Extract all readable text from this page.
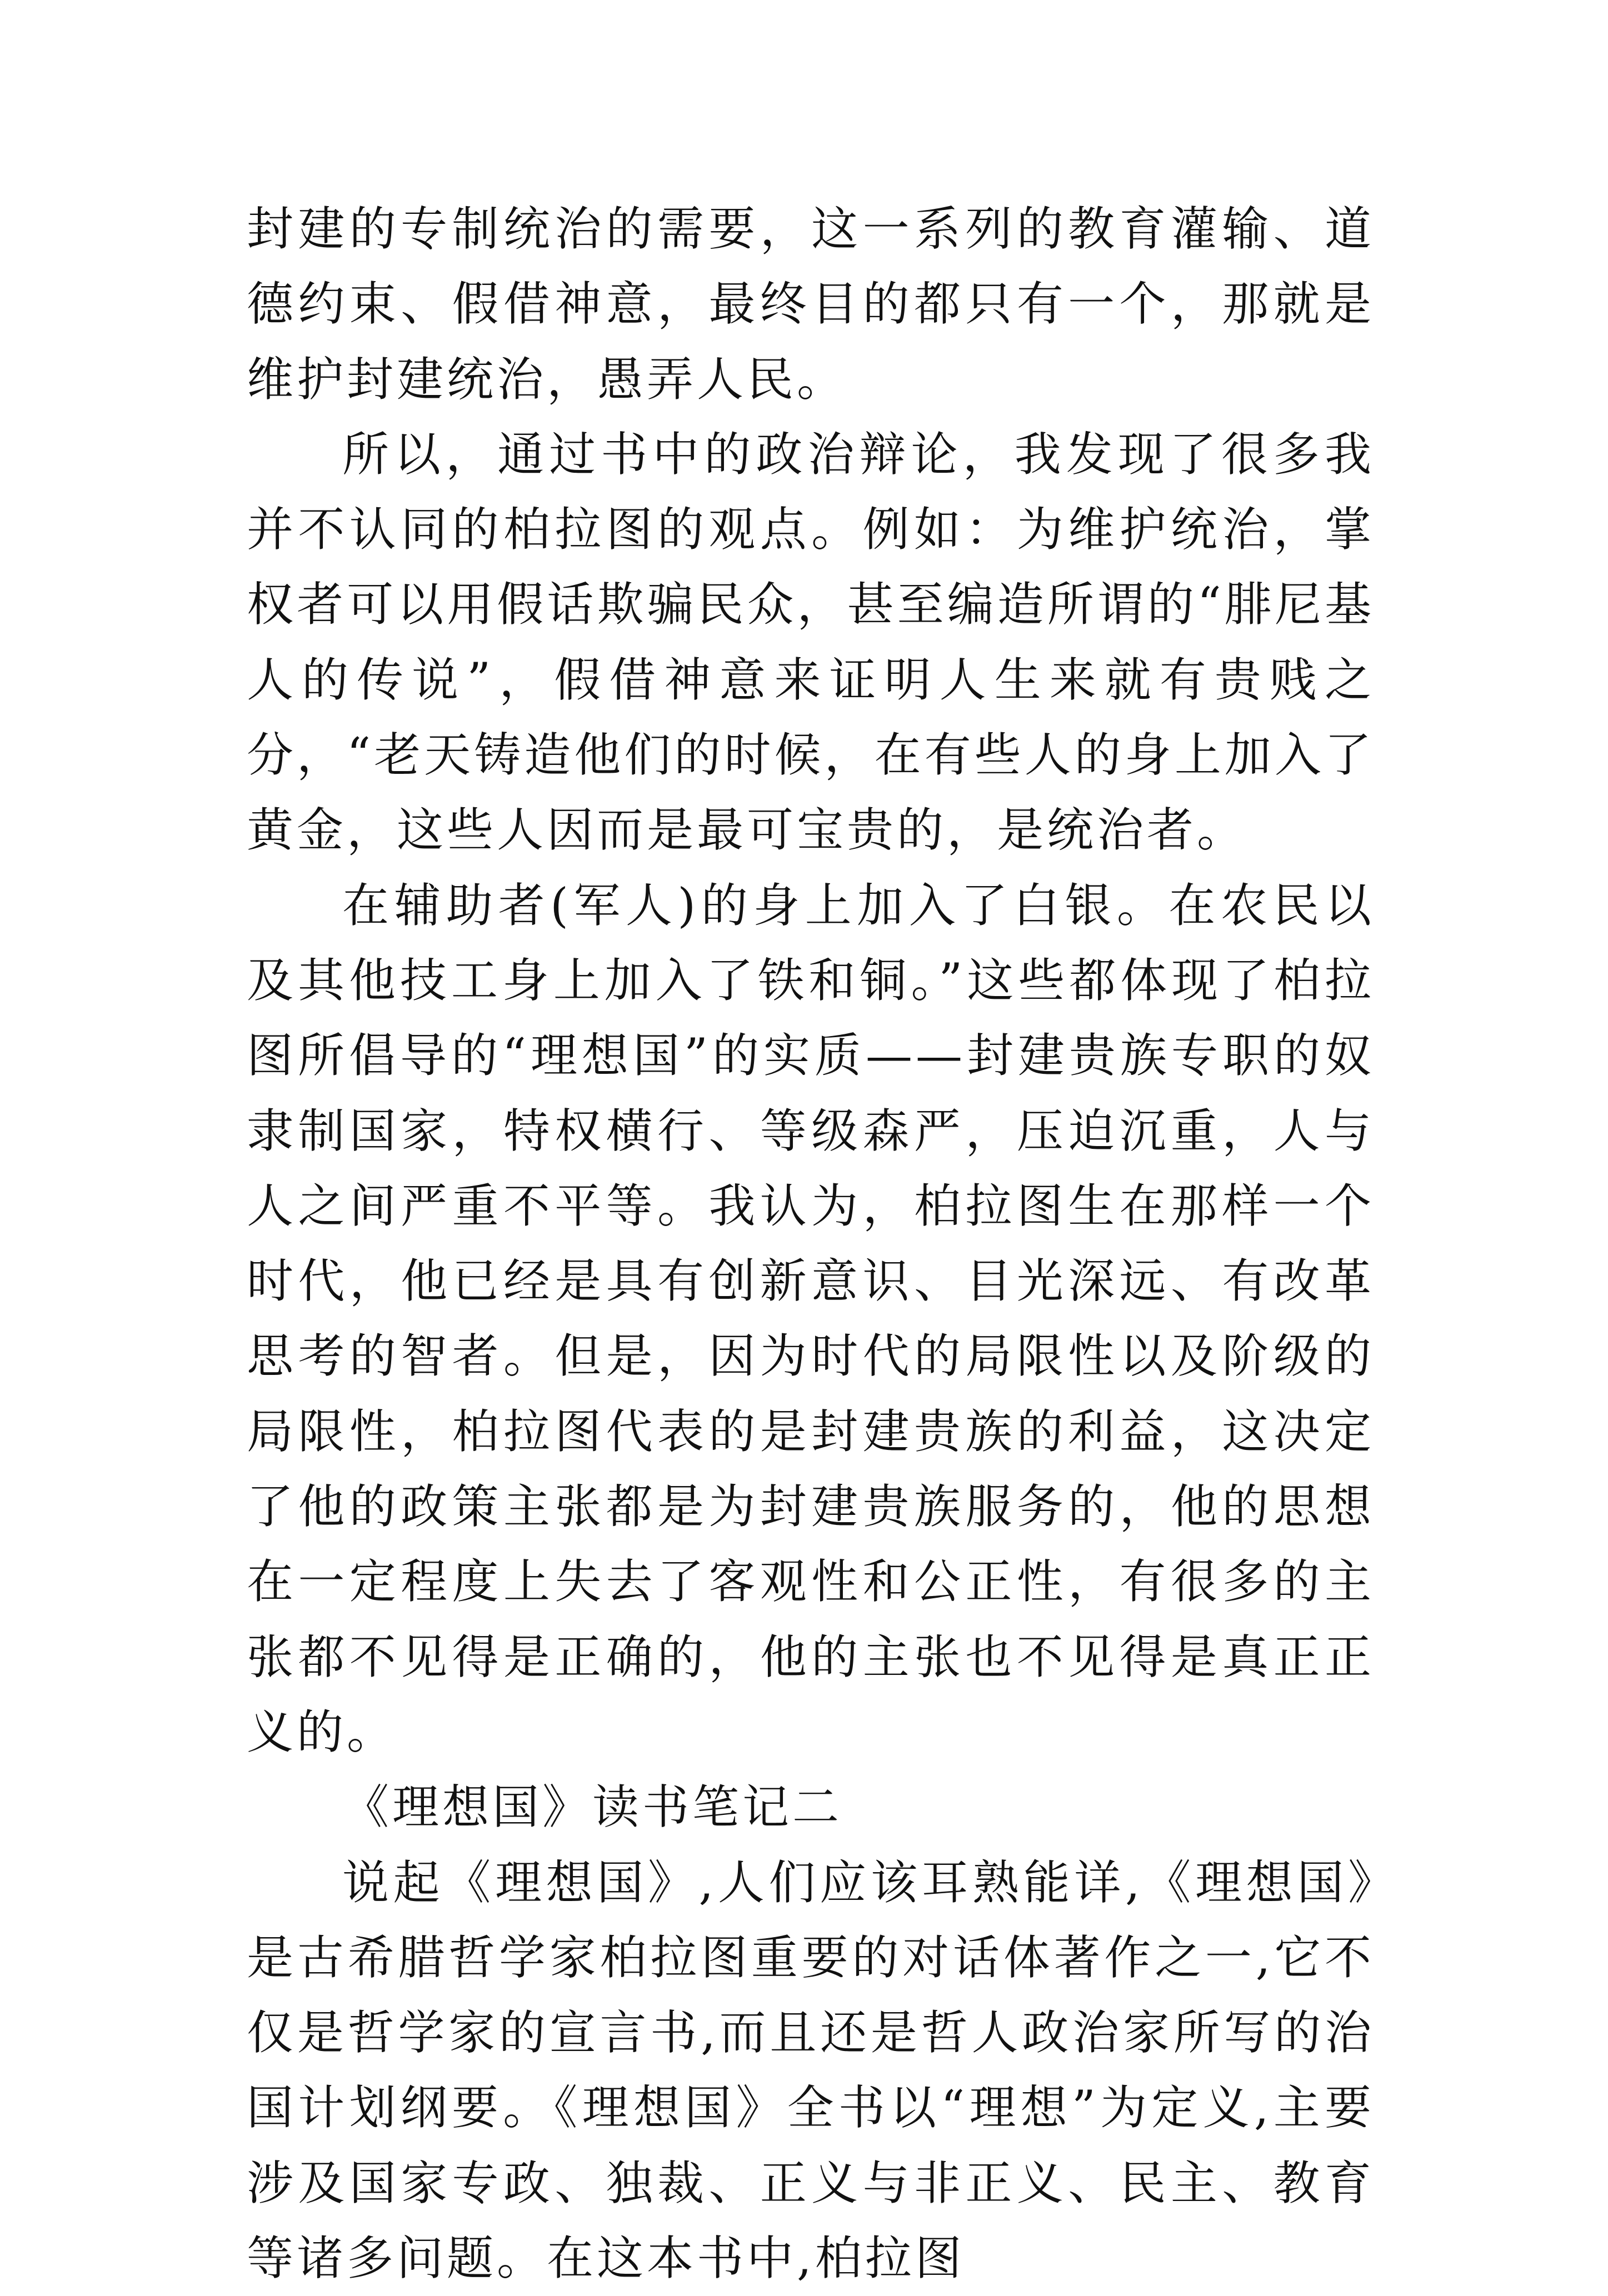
封建的专制统治的需要，这一系列的教育灌输、道德约束、假借神意，最终目的都只有一个，那就是维护封建统治，愚弄人民。

所以，通过书中的政治辩论，我发现了很多我并不认同的柏拉图的观点。例如：为维护统治，掌权者可以用假话欺骗民众，甚至编造所谓的“腓尼基人的传说”，假借神意来证明人生来就有贵贱之分，“老天铸造他们的时候，在有些人的身上加入了黄金，这些人因而是最可宝贵的，是统治者。

在辅助者(军人)的身上加入了白银。在农民以及其他技工身上加入了铁和铜。”这些都体现了柏拉图所倡导的“理想国”的实质——封建贵族专职的奴隶制国家，特权横行、等级森严，压迫沉重，人与人之间严重不平等。我认为，柏拉图生在那样一个时代，他已经是具有创新意识、目光深远、有改革思考的智者。但是，因为时代的局限性以及阶级的局限性，柏拉图代表的是封建贵族的利益，这决定了他的政策主张都是为封建贵族服务的，他的思想在一定程度上失去了客观性和公正性，有很多的主张都不见得是正确的，他的主张也不见得是真正正义的。

《理想国》读书笔记二

说起《理想国》,人们应该耳熟能详,《理想国》是古希腊哲学家柏拉图重要的对话体著作之一,它不仅是哲学家的宣言书,而且还是哲人政治家所写的治国计划纲要。《理想国》全书以“理想”为定义,主要涉及国家专政、独裁、正义与非正义、民主、教育等诸多问题。在这本书中,柏拉图
